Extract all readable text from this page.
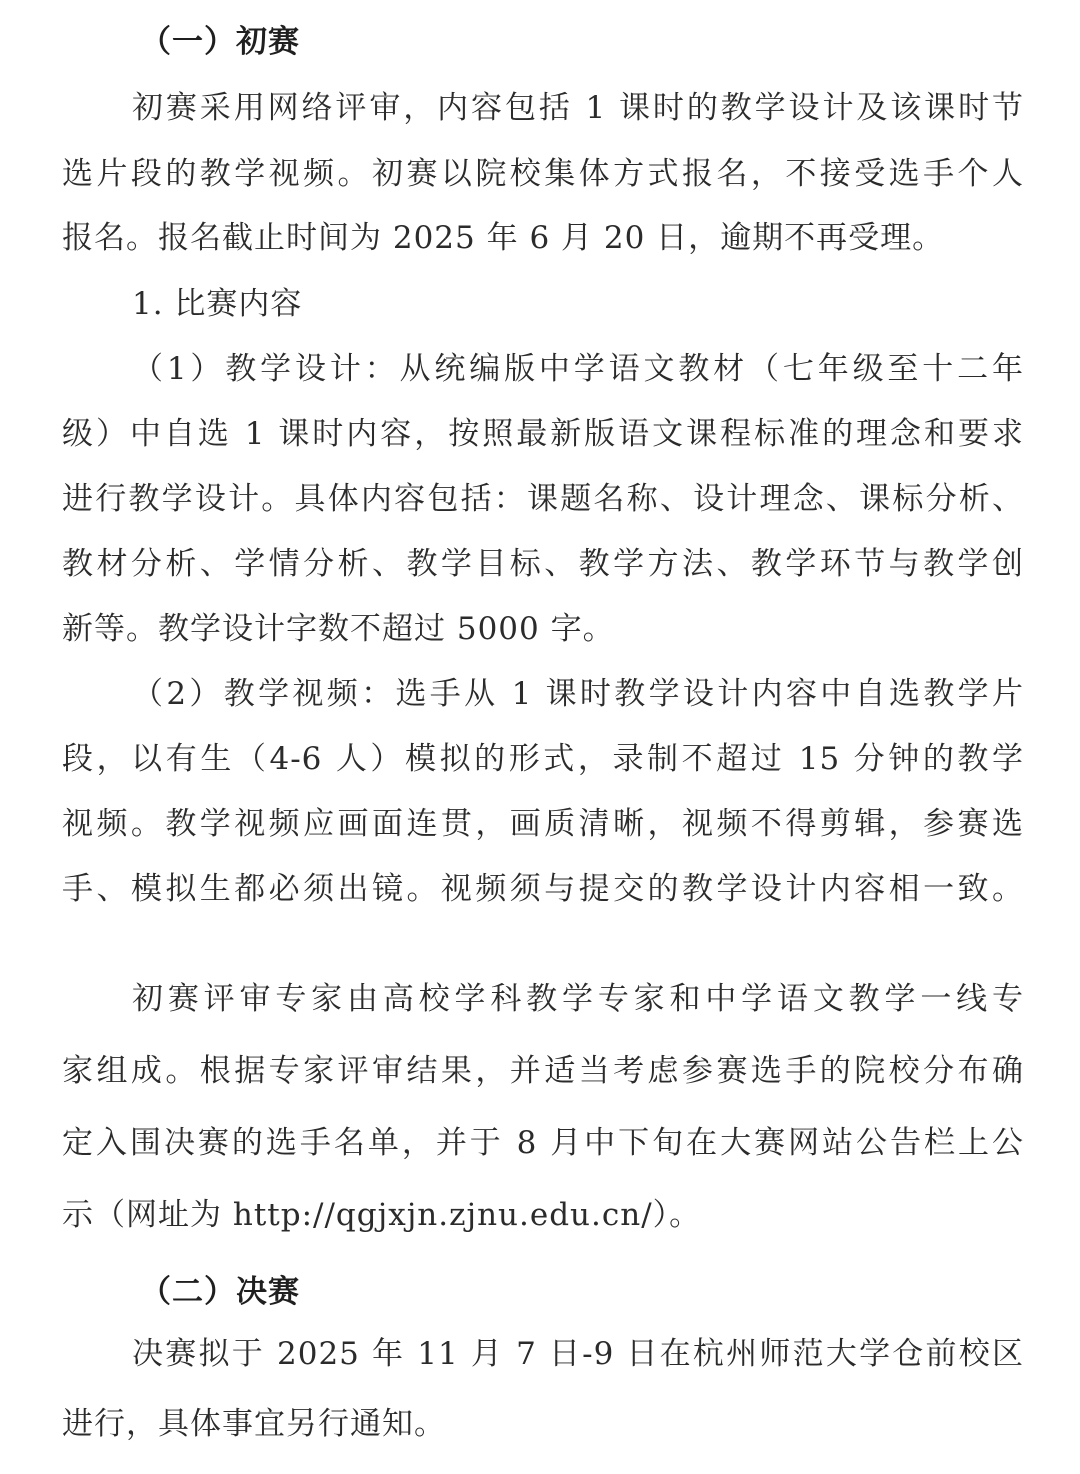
（一）初赛
初赛采用网络评审，内容包括 1 课时的教学设计及该课时节
选片段的教学视频。初赛以院校集体方式报名，不接受选手个人
报名。报名截止时间为 2025 年 6 月 20 日，逾期不再受理。
1. 比赛内容
（1）教学设计：从统编版中学语文教材（七年级至十二年
级）中自选 1 课时内容，按照最新版语文课程标准的理念和要求
进行教学设计。具体内容包括：课题名称、设计理念、课标分析、
教材分析、学情分析、教学目标、教学方法、教学环节与教学创
新等。教学设计字数不超过 5000 字。
（2）教学视频：选手从 1 课时教学设计内容中自选教学片
段，以有生（4-6 人）模拟的形式，录制不超过 15 分钟的教学
视频。教学视频应画面连贯，画质清晰，视频不得剪辑，参赛选
手、模拟生都必须出镜。视频须与提交的教学设计内容相一致。
初赛评审专家由高校学科教学专家和中学语文教学一线专
家组成。根据专家评审结果，并适当考虑参赛选手的院校分布确
定入围决赛的选手名单，并于 8 月中下旬在大赛网站公告栏上公
示（网址为 http://qgjxjn.zjnu.edu.cn/）。
（二）决赛
决赛拟于 2025 年 11 月 7 日-9 日在杭州师范大学仓前校区
进行，具体事宜另行通知。
